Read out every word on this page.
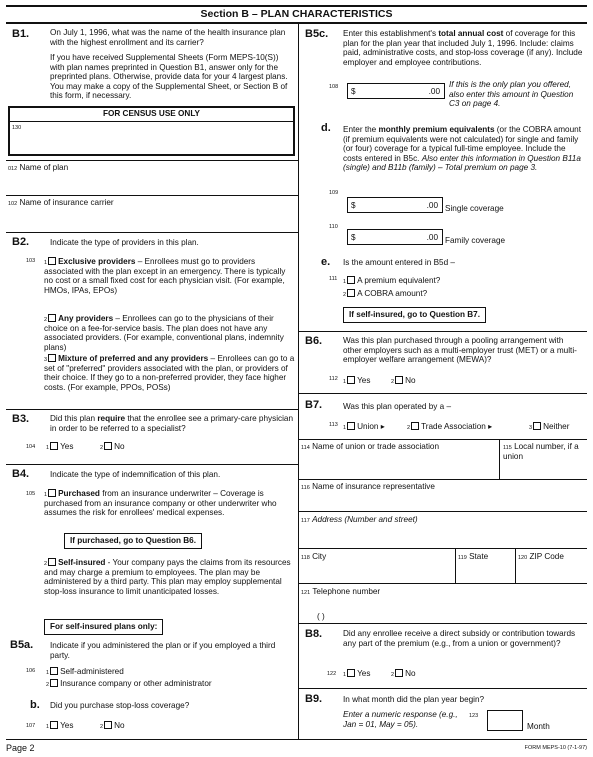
Section B – PLAN CHARACTERISTICS
B1.	On July 1, 1996, what was the name of the health insurance plan with the highest enrollment and its carrier?
If you have received Supplemental Sheets (Form MEPS-10(S)) with plan names preprinted in Question B1, answer only for the preprinted plans. Otherwise, provide data for your 4 largest plans. You may make a copy of the Supplemental Sheet, or Section B of this form, if necessary.
FOR CENSUS USE ONLY
130
012 Name of plan
102 Name of insurance carrier
B2.	Indicate the type of providers in this plan.
103 1 Exclusive providers – Enrollees must go to providers associated with the plan except in an emergency. There is typically no cost or a small fixed cost for each physician visit. (For example, HMOs, IPAs, EPOs)
2 Any providers – Enrollees can go to the physicians of their choice on a fee-for-service basis. The plan does not have any associated providers. (For example, conventional plans, indemnity plans)
3 Mixture of preferred and any providers – Enrollees can go to a set of "preferred" providers associated with the plan, or providers of their choice. If they go to a non-preferred provider, they face higher costs. (For example, PPOs, POSs)
B3.	Did this plan require that the enrollee see a primary-care physician in order to be referred to a specialist?
104 1 Yes	2 No
B4.	Indicate the type of indemnification of this plan.
105 1 Purchased from an insurance underwriter – Coverage is purchased from an insurance company or other underwriter who assumes the risk for enrollees' medical expenses.
If purchased, go to Question B6.
2 Self-insured - Your company pays the claims from its resources and may charge a premium to employees. The plan may be administered by a third party. This plan may employ supplemental stop-loss insurance to limit unanticipated losses.
For self-insured plans only:
B5a. Indicate if you administered the plan or if you employed a third party.
106 1 Self-administered
2 Insurance company or other administrator
b. Did you purchase stop-loss coverage?
107 1 Yes	2 No
B5c. Enter this establishment's total annual cost of coverage for this plan for the plan year that included July 1, 1996. Include: claims paid, administrative costs, and stop-loss coverage (if any). Include employer and employee contributions.
108 $	.00
If this is the only plan you offered, also enter this amount in Question C3 on page 4.
d. Enter the monthly premium equivalents (or the COBRA amount (if premium equivalents were not calculated) for single and family (or four) coverage for a typical full-time employee. Include the costs entered in B5c. Also enter this information in Question B11a (single) and B11b (family) – Total premium on page 3.
109
$	.00 Single coverage
110
$	.00 Family coverage
e. Is the amount entered in B5d –
111 1 A premium equivalent?
2 A COBRA amount?
If self-insured, go to Question B7.
B6.	Was this plan purchased through a pooling arrangement with other employers such as a multi-employer trust (MET) or a multi-employer welfare arrangement (MEWA)?
112 1 Yes	2 No
B7.	Was this plan operated by a –
113 1 Union ▸	2 Trade Association ▸	3 Neither
114 Name of union or trade association	115 Local number, if a union
116 Name of insurance representative
117 Address (Number and street)
118 City	119 State	120 ZIP Code
121 Telephone number
( )
B8.	Did any enrollee receive a direct subsidy or contribution towards any part of the premium (e.g., from a union or government)?
122 1 Yes	2 No
B9.	In what month did the plan year begin?
Enter a numeric response (e.g., Jan = 01, May = 05).
123
Month
Page 2	FORM MEPS-10 (7-1-97)
